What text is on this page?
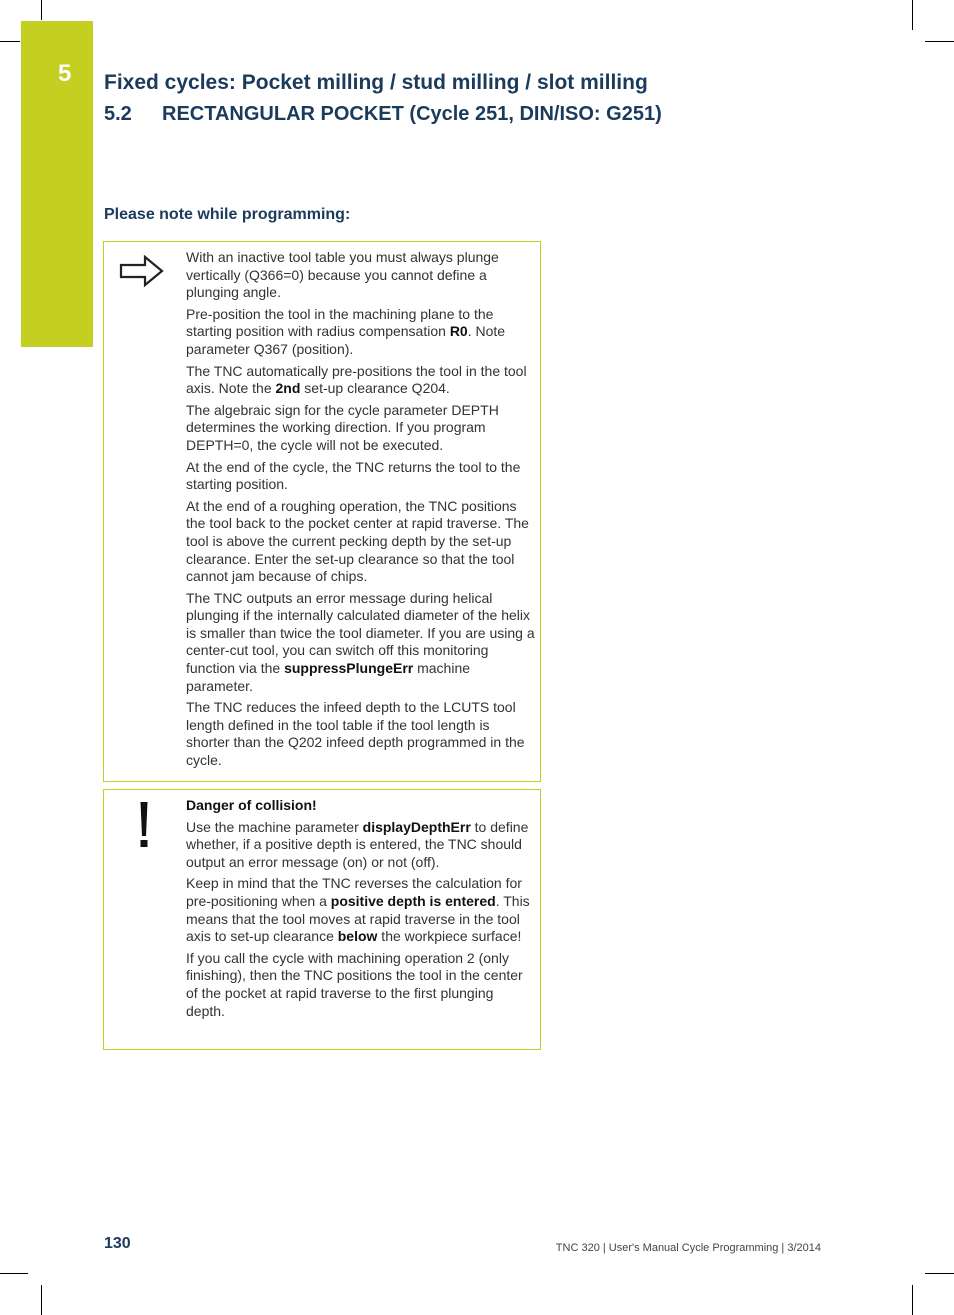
5	Fixed cycles: Pocket milling / stud milling / slot milling
5.2 RECTANGULAR POCKET (Cycle 251, DIN/ISO: G251)
Please note while programming:

With an inactive tool table you must always plunge vertically (Q366=0) because you cannot define a plunging angle.

Pre-position the tool in the machining plane to the starting position with radius compensation R0. Note parameter Q367 (position).

The TNC automatically pre-positions the tool in the tool axis. Note the 2nd set-up clearance Q204.

The algebraic sign for the cycle parameter DEPTH determines the working direction. If you program DEPTH=0, the cycle will not be executed.

At the end of the cycle, the TNC returns the tool to the starting position.

At the end of a roughing operation, the TNC positions the tool back to the pocket center at rapid traverse. The tool is above the current pecking depth by the set-up clearance. Enter the set-up clearance so that the tool cannot jam because of chips.

The TNC outputs an error message during helical plunging if the internally calculated diameter of the helix is smaller than twice the tool diameter. If you are using a center-cut tool, you can switch off this monitoring function via the suppressPlungeErr machine parameter.

The TNC reduces the infeed depth to the LCUTS tool length defined in the tool table if the tool length is shorter than the Q202 infeed depth programmed in the cycle.

Danger of collision!

Use the machine parameter displayDepthErr to define whether, if a positive depth is entered, the TNC should output an error message (on) or not (off).

Keep in mind that the TNC reverses the calculation for pre-positioning when a positive depth is entered. This means that the tool moves at rapid traverse in the tool axis to set-up clearance below the workpiece surface!

If you call the cycle with machining operation 2 (only finishing), then the TNC positions the tool in the center of the pocket at rapid traverse to the first plunging depth.

130	TNC 320 | User's Manual Cycle Programming | 3/2014
